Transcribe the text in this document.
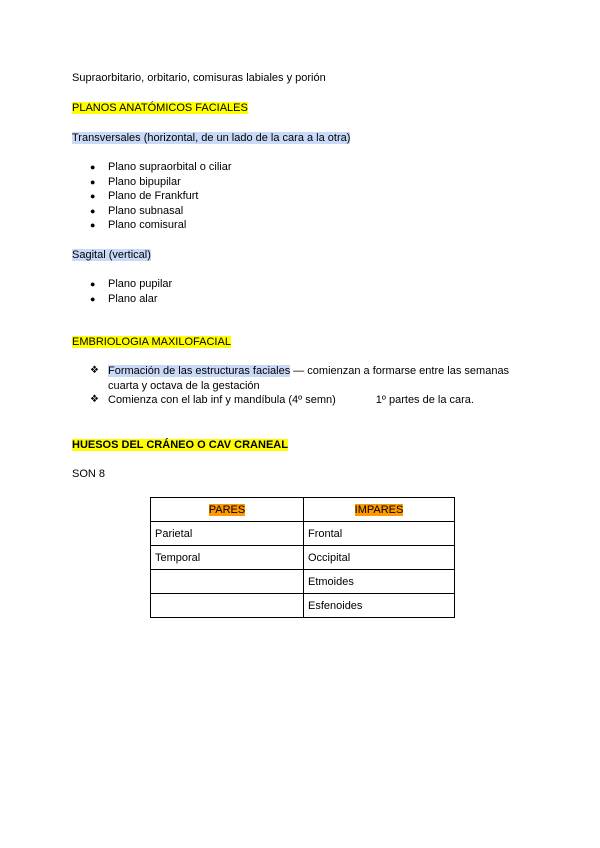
Supraorbitario, orbitario, comisuras labiales y porión
PLANOS ANATÓMICOS FACIALES
Transversales (horizontal, de un lado de la cara a la otra)
● Plano supraorbital o ciliar
● Plano bipupilar
● Plano de Frankfurt
● Plano subnasal
● Plano comisural
Sagital (vertical)
● Plano pupilar
● Plano alar
EMBRIOLOGIA MAXILOFACIAL
❖ Formación de las estructuras faciales — comienzan a formarse entre las semanas
cuarta y octava de la gestación
❖ Comienza con el lab inf y mandíbula (4º semn)	1º partes de la cara.
HUESOS DEL CRÁNEO O CAV CRANEAL
SON 8
PARES	IMPARES
Parietal	Frontal
Temporal	Occipital
	Etmoides
	Esfenoides
